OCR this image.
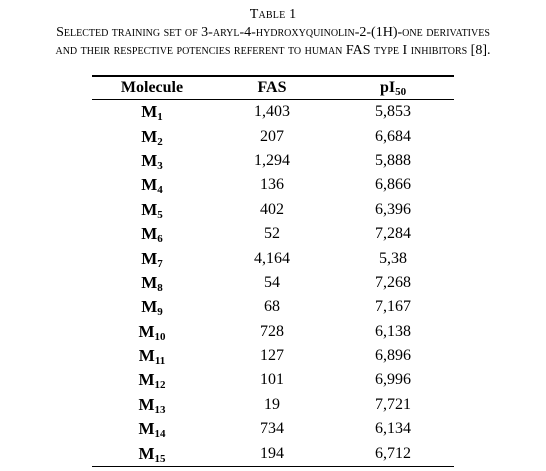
Table 1
Selected training set of 3-aryl-4-hydroxyquinolin-2-(1H)-one derivatives
and their respective potencies referent to human FAS type I inhibitors [8].
Molecule	FAS	$pI_{50}$
$M_1$	1,403	5,853
$M_2$	207	6,684
$M_3$	1,294	5,888
$M_4$	136	6,866
$M_5$	402	6,396
$M_6$	52	7,284
$M_7$	4,164	5,38
$M_8$	54	7,268
$M_9$	68	7,167
$M_{10}$	728	6,138
$M_{11}$	127	6,896
$M_{12}$	101	6,996
$M_{13}$	19	7,721
$M_{14}$	734	6,134
$M_{15}$	194	6,712
